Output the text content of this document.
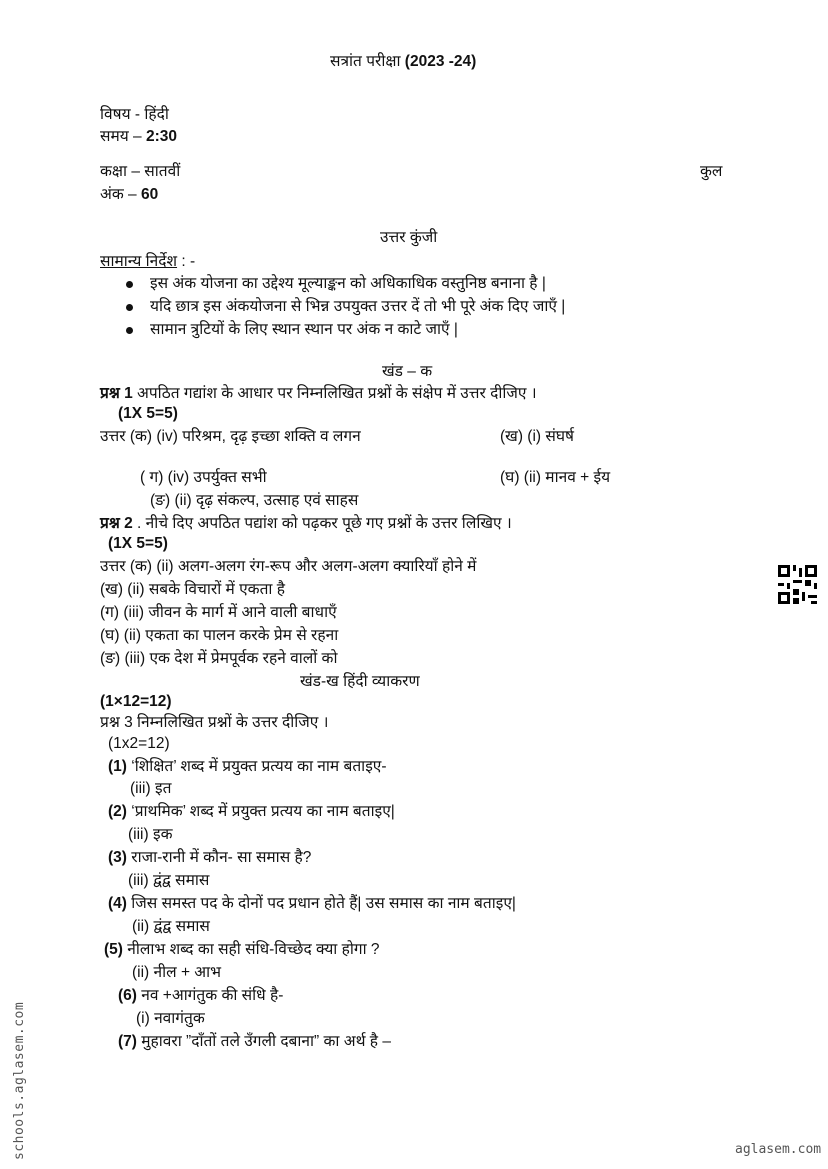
सत्रांत परीक्षा (2023 -24)
विषय - हिंदी
समय – 2:30
कक्षा – सातवीं	कुल
अंक – 60
उत्तर कुंजी
सामान्य निर्देश : -
इस अंक योजना का उद्देश्य मूल्याङ्कन को अधिकाधिक वस्तुनिष्ठ बनाना है |
यदि छात्र इस अंकयोजना से भिन्न उपयुक्त उत्तर दें तो भी पूरे अंक दिए जाएँ |
सामान त्रुटियों के लिए स्थान स्थान पर अंक न काटे जाएँ |
खंड – क
प्रश्न 1 अपठित गद्यांश के आधार पर निम्नलिखित प्रश्नों के संक्षेप में उत्तर दीजिए ।
(1X 5=5)
उत्तर (क) (iv) परिश्रम, दृढ़ इच्छा शक्ति व लगन	(ख) (i) संघर्ष
( ग) (iv) उपर्युक्त सभी	(घ) (ii) मानव + ईय
(ङ) (ii) दृढ़ संकल्प, उत्साह एवं साहस
प्रश्न 2 . नीचे दिए अपठित पद्यांश को पढ़कर पूछे गए प्रश्नों के उत्तर लिखिए ।
(1X 5=5)
उत्तर (क) (ii) अलग-अलग रंग-रूप और अलग-अलग क्यारियाँ होने में
(ख) (ii) सबके विचारों में एकता है
(ग) (iii) जीवन के मार्ग में आने वाली बाधाएँ
(घ) (ii) एकता का पालन करके प्रेम से रहना
(ङ) (iii) एक देश में प्रेमपूर्वक रहने वालों को
खंड-ख हिंदी व्याकरण
(1×12=12)
प्रश्न 3 निम्नलिखित प्रश्नों के उत्तर दीजिए ।
(1x2=12)
(1) ‘शिक्षित’ शब्द में प्रयुक्त प्रत्यय का नाम बताइए-
(iii) इत
(2) ‘प्राथमिक’ शब्द में प्रयुक्त प्रत्यय का नाम बताइए|
(iii) इक
(3) राजा-रानी में कौन- सा समास है?
(iii) द्वंद्व समास
(4) जिस समस्त पद के दोनों पद प्रधान होते हैं| उस समास का नाम बताइए|
(ii) द्वंद्व समास
(5) नीलाभ शब्द का सही संधि-विच्छेद क्या होगा ?
(ii) नील + आभ
(6) नव +आगंतुक की संधि है-
(i) नवागंतुक
(7) मुहावरा ”दाँतों तले उँगली दबाना” का अर्थ है –
schools.aglasem.com	aglasem.com
